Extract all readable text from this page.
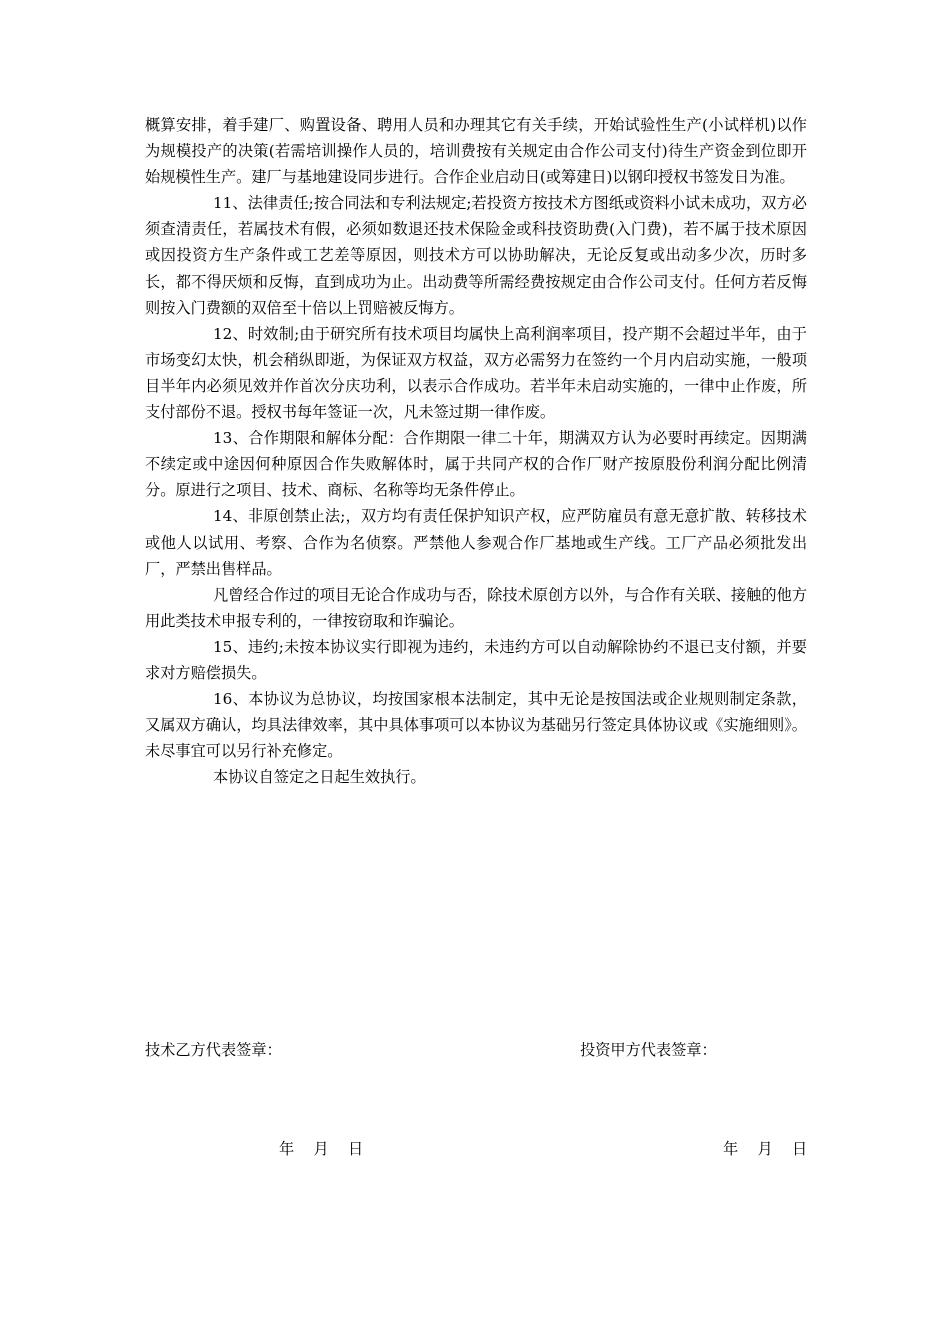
概算安排，着手建厂、购置设备、聘用人员和办理其它有关手续，开始试验性生产(小试样机)以作为规模投产的决策(若需培训操作人员的，培训费按有关规定由合作公司支付)待生产资金到位即开始规模性生产。建厂与基地建设同步进行。合作企业启动日(或筹建日)以钢印授权书签发日为准。

11、法律责任;按合同法和专利法规定;若投资方按技术方图纸或资料小试未成功，双方必须查清责任，若属技术有假，必须如数退还技术保险金或科技资助费(入门费)，若不属于技术原因或因投资方生产条件或工艺差等原因，则技术方可以协助解决，无论反复或出动多少次，历时多长，都不得厌烦和反悔，直到成功为止。出动费等所需经费按规定由合作公司支付。任何方若反悔则按入门费额的双倍至十倍以上罚赔被反悔方。

12、时效制;由于研究所有技术项目均属快上高利润率项目，投产期不会超过半年，由于市场变幻太快，机会稍纵即逝，为保证双方权益，双方必需努力在签约一个月内启动实施，一般项目半年内必须见效并作首次分庆功利，以表示合作成功。若半年未启动实施的，一律中止作废，所支付部份不退。授权书每年签证一次，凡未签过期一律作废。

13、合作期限和解体分配：合作期限一律二十年，期满双方认为必要时再续定。因期满不续定或中途因何种原因合作失败解体时，属于共同产权的合作厂财产按原股份利润分配比例清分。原进行之项目、技术、商标、名称等均无条件停止。

14、非原创禁止法;，双方均有责任保护知识产权，应严防雇员有意无意扩散、转移技术或他人以试用、考察、合作为名侦察。严禁他人参观合作厂基地或生产线。工厂产品必须批发出厂，严禁出售样品。

凡曾经合作过的项目无论合作成功与否，除技术原创方以外，与合作有关联、接触的他方用此类技术申报专利的，一律按窃取和诈骗论。

15、违约;未按本协议实行即视为违约，未违约方可以自动解除协约不退已支付额，并要求对方赔偿损失。

16、本协议为总协议，均按国家根本法制定，其中无论是按国法或企业规则制定条款，又属双方确认，均具法律效率，其中具体事项可以本协议为基础另行签定具体协议或《实施细则》。未尽事宜可以另行补充修定。

本协议自签定之日起生效执行。

技术乙方代表签章：	投资甲方代表签章：
年    月    日	年    月    日
